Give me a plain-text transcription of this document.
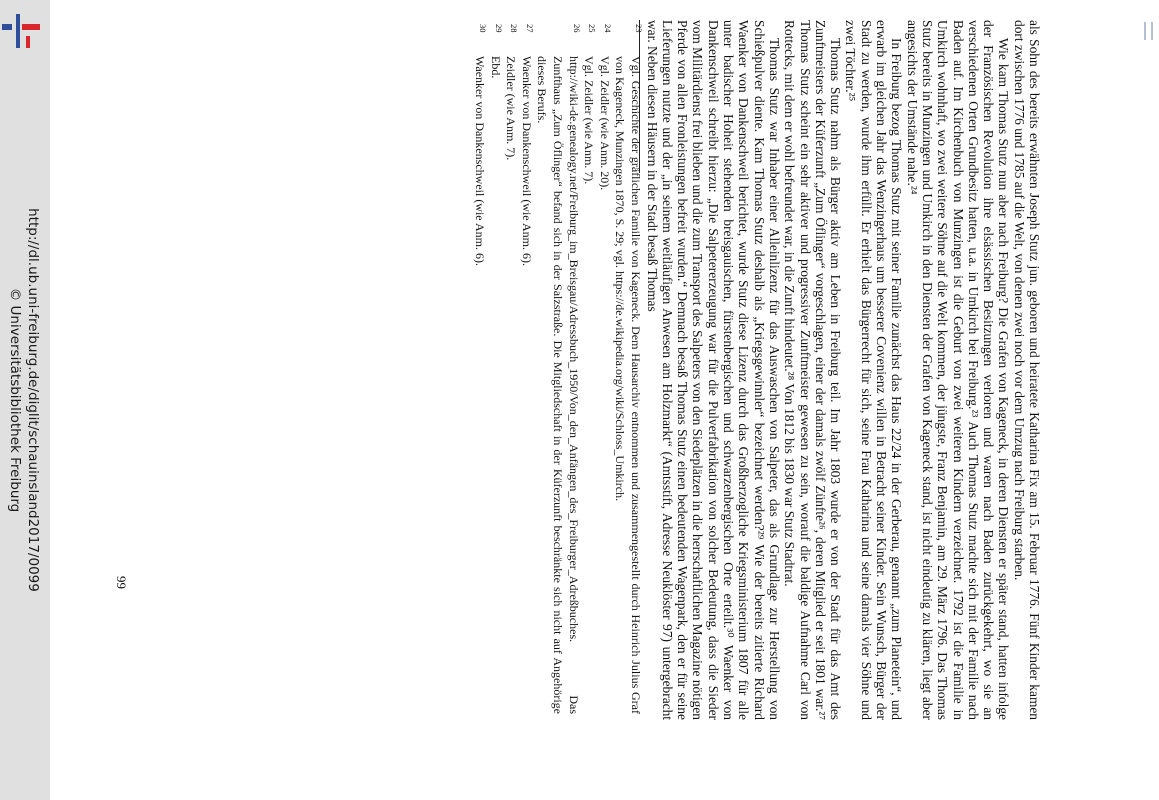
http://dl.ub.uni-freiburg.de/diglit/schauinsland2017/0099
© Universitätsbibliothek Freiburg	als Sohn des bereits erwähnten Joseph Stutz jun. geboren und heiratete Katharina Fix am 15. Februar 1776. Fünf Kinder kamen dort zwischen 1776 und 1785 auf die Welt, von denen zwei noch vor dem Umzug nach Freiburg starben.

Wie kam Thomas Stutz nun aber nach Freiburg? Die Grafen von Kageneck, in deren Diensten er später stand, hatten infolge der Französischen Revolution ihre elsässischen Besitzungen verloren und waren nach Baden zurückgekehrt, wo sie an verschiedenen Orten Grundbesitz hatten, u.a. in Umkirch bei Freiburg.²³ Auch Thomas Stutz machte sich mit der Familie nach Baden auf. Im Kirchenbuch von Munzingen ist die Geburt von zwei weiteren Kindern verzeichnet. 1792 ist die Familie in Umkirch wohnhaft, wo zwei weitere Söhne auf die Welt kommen, der jüngste, Franz Benjamin, am 29. März 1796. Das Thomas Stutz bereits in Munzingen und Umkirch in den Diensten der Grafen von Kageneck stand, ist nicht eindeutig zu klären, liegt aber angesichts der Umstände nahe.²⁴

In Freiburg bezog Thomas Stutz mit seiner Familie zunächst das Haus 22/24 in der Gerberau, genannt „zum Planetein“, und erwarb im gleichen Jahr das Wenzingerhaus um besserer Covenienz willen in Betracht seiner Kinder. Sein Wunsch, Bürger der Stadt zu werden, wurde ihm erfüllt. Er erhielt das Bürgerrecht für sich, seine Frau Katharina und seine damals vier Söhne und zwei Töchter.²⁵

Thomas Stutz nahm als Bürger aktiv am Leben in Freiburg teil. Im Jahr 1803 wurde er von der Stadt für das Amt des Zunftmeisters der Küferzunft „Zum Öflinger“ vorgeschlagen, einer der damals zwölf Zünfte²⁶, deren Mitglied er seit 1801 war.²⁷ Thomas Stutz scheint ein sehr aktiver und progressiver Zunftmeister gewesen zu sein, worauf die baldige Aufnahme Carl von Rottecks, mit dem er wohl befreundet war, in die Zunft hindeutet.²⁸ Von 1812 bis 1830 war Stutz Stadtrat.

Thomas Stutz war Inhaber einer Alleinlizenz für das Auswaschen von Salpeter, das als Grundlage zur Herstellung von Schießpulver diente. Kam Thomas Stutz deshalb als „Kriegsgewinnler“ bezeichnet werden?²⁹ Wie der bereits zitierte Richard Waenker von Dankenschweil berichtet, wurde Stutz diese Lizenz durch das Großherzogliche Kriegsministerium 1807 für alle unter badischer Hoheit stehenden breisgauischen, fürstenbergischen und schwarzenbergischen Orte erteilt.³⁰ Waenker von Dankenschweil schreibt hierzu: „Die Salpetererzeugung war für die Pulverfabrikation von solcher Bedeutung, dass die Sieder vom Militärdienst frei blieben und die zum Transport des Salpeters von den Siedeplätzen in die herrschaftlichen Magazine nötigen Pferde von allen Fronleistungen befreit wurden.“ Demnach besaß Thomas Stutz einen bedeutenden Wagenpark, den er für seine Lieferungen nutzte und der „in seinem weitläufigen Anwesen am Holzmarkt“ (Amtsstift, Adresse Neuklöster 97) untergebracht war. Neben diesen Häusern in der Stadt besaß Thomas

23
Vgl. Geschichte der gräflichen Familie von Kageneck. Dem Hausarchiv entnommen und zusammengestellt durch Heinrich Julius Graf von Kageneck, Munzingen 1870, S. 29; vgl. https://de.wikipedia.org/wiki/Schloss_Umkirch.
24
Vgl. Zeidler (wie Anm. 20).
25
Vgl. Zeidler (wie Anm. 7).
26
http://wiki-de.genealogy.net/Freiburg_im_Breisgau/Adressbuch_1950/Von_den_Anfängen_des_Freiburger_Adreßbuches. Das Zunfthaus „Zum Öflinger“ befand sich in der Salzstraße. Die Mitgliedschaft in der Küferzunft beschränkte sich nicht auf Angehörige dieses Berufs.
27
Waenker von Dankenschweil (wie Anm. 6).
28
Zeidler (wie Anm. 7).
29
Ebd.
30
Waenker von Dankenschweil (wie Anm. 6).
99
